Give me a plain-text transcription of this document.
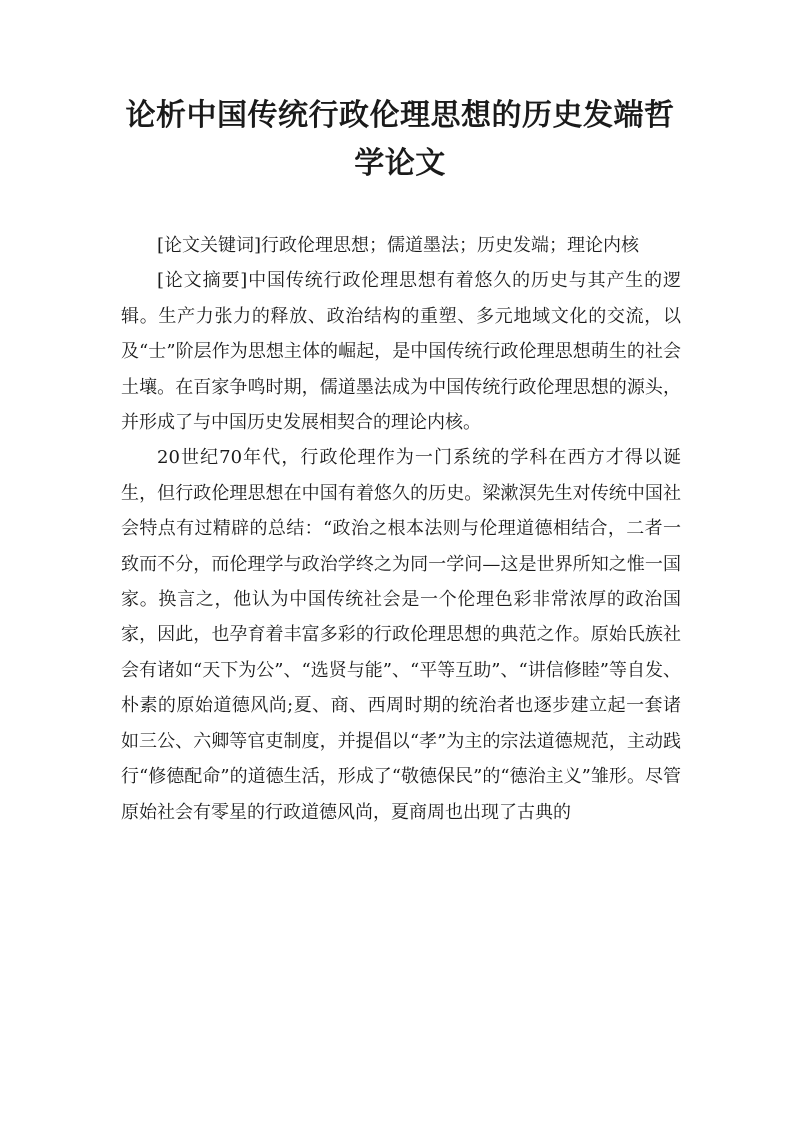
论析中国传统行政伦理思想的历史发端哲学论文

[论文关键词]行政伦理思想；儒道墨法；历史发端；理论内核

[论文摘要]中国传统行政伦理思想有着悠久的历史与其产生的逻辑。生产力张力的释放、政治结构的重塑、多元地域文化的交流，以及“士”阶层作为思想主体的崛起，是中国传统行政伦理思想萌生的社会土壤。在百家争鸣时期，儒道墨法成为中国传统行政伦理思想的源头，并形成了与中国历史发展相契合的理论内核。

20世纪70年代，行政伦理作为一门系统的学科在西方才得以诞生，但行政伦理思想在中国有着悠久的历史。梁漱溟先生对传统中国社会特点有过精辟的总结：“政治之根本法则与伦理道德相结合，二者一致而不分，而伦理学与政治学终之为同一学问—这是世界所知之惟一国家。换言之，他认为中国传统社会是一个伦理色彩非常浓厚的政治国家，因此，也孕育着丰富多彩的行政伦理思想的典范之作。原始氏族社会有诸如“天下为公”、“选贤与能”、“平等互助”、“讲信修睦”等自发、朴素的原始道德风尚;夏、商、西周时期的统治者也逐步建立起一套诸如三公、六卿等官吏制度，并提倡以“孝”为主的宗法道德规范，主动践行“修德配命”的道德生活，形成了“敬德保民”的“德治主义”雏形。尽管原始社会有零星的行政道德风尚，夏商周也出现了古典的
